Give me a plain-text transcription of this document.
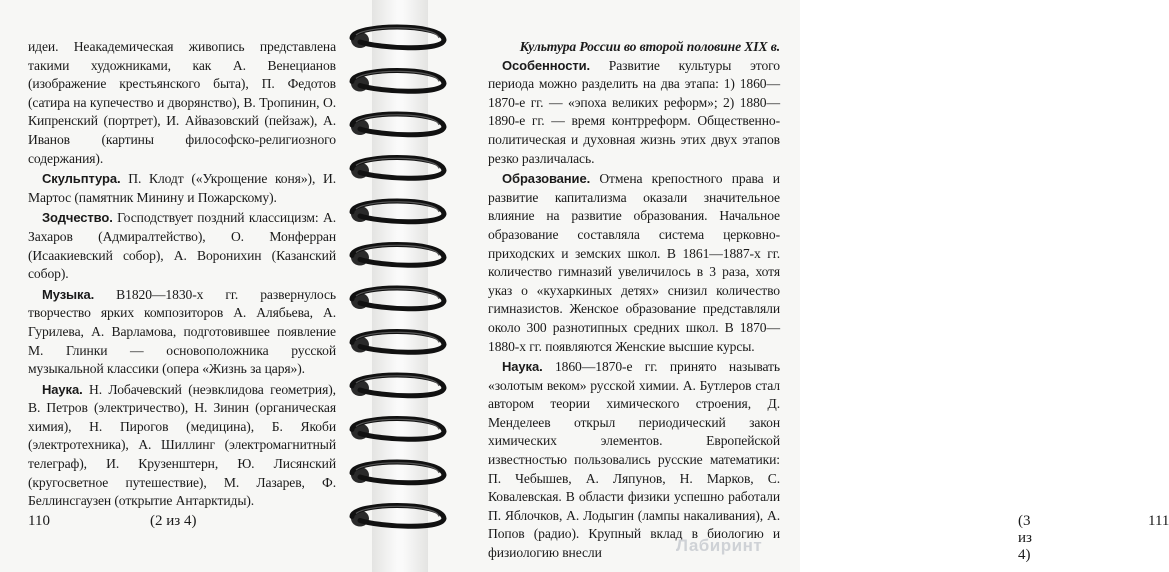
идеи. Неакадемическая живопись представлена такими художниками, как А. Венецианов (изображение крестьянского быта), П. Федотов (сатира на купечество и дворянство), В. Тропинин, О. Кипренский (портрет), И. Айвазовский (пейзаж), А. Иванов (картины философско-религиозного содержания).

Скульптура. П. Клодт («Укрощение коня»), И. Мартос (памятник Минину и Пожарскому).

Зодчество. Господствует поздний классицизм: А. Захаров (Адмиралтейство), О. Монферран (Исаакиевский собор), А. Воронихин (Казанский собор).

Музыка. В1820—1830-х гг. развернулось творчество ярких композиторов А. Алябьева, А. Гурилева, А. Варламова, подготовившее появление М. Глинки — основоположника русской музыкальной классики (опера «Жизнь за царя»).

Наука. Н. Лобачевский (неэвклидова геометрия), В. Петров (электричество), Н. Зинин (органическая химия), Н. Пирогов (медицина), Б. Якоби (электротехника), А. Шиллинг (электромагнитный телеграф), И. Крузенштерн, Ю. Лисянский (кругосветное путешествие), М. Лазарев, Ф. Беллинсгаузен (открытие Антарктиды).

110	(2 из 4)

Культура России во второй половине XIX в.

Особенности. Развитие культуры этого периода можно разделить на два этапа: 1) 1860—1870-е гг. — «эпоха великих реформ»; 2) 1880—1890-е гг. — время контрреформ. Общественно-политическая и духовная жизнь этих двух этапов резко различалась.

Образование. Отмена крепостного права и развитие капитализма оказали значительное влияние на развитие образования. Начальное образование составляла система церковно-приходских и земских школ. В 1861—1887-х гг. количество гимназий увеличилось в 3 раза, хотя указ о «кухаркиных детях» снизил количество гимназистов. Женское образование представляли около 300 разнотипных средних школ. В 1870—1880-х гг. появляются Женские высшие курсы.

Наука. 1860—1870-е гг. принято называть «золотым веком» русской химии. А. Бутлеров стал автором теории химического строения, Д. Менделеев открыл периодический закон химических элементов. Европейской известностью пользовались русские математики: П. Чебышев, А. Ляпунов, Н. Марков, С. Ковалевская. В области физики успешно работали П. Яблочков, А. Лодыгин (лампы накаливания), А. Попов (радио). Крупный вклад в биологию и физиологию внесли

(3 из 4)
111
Лабиринт
